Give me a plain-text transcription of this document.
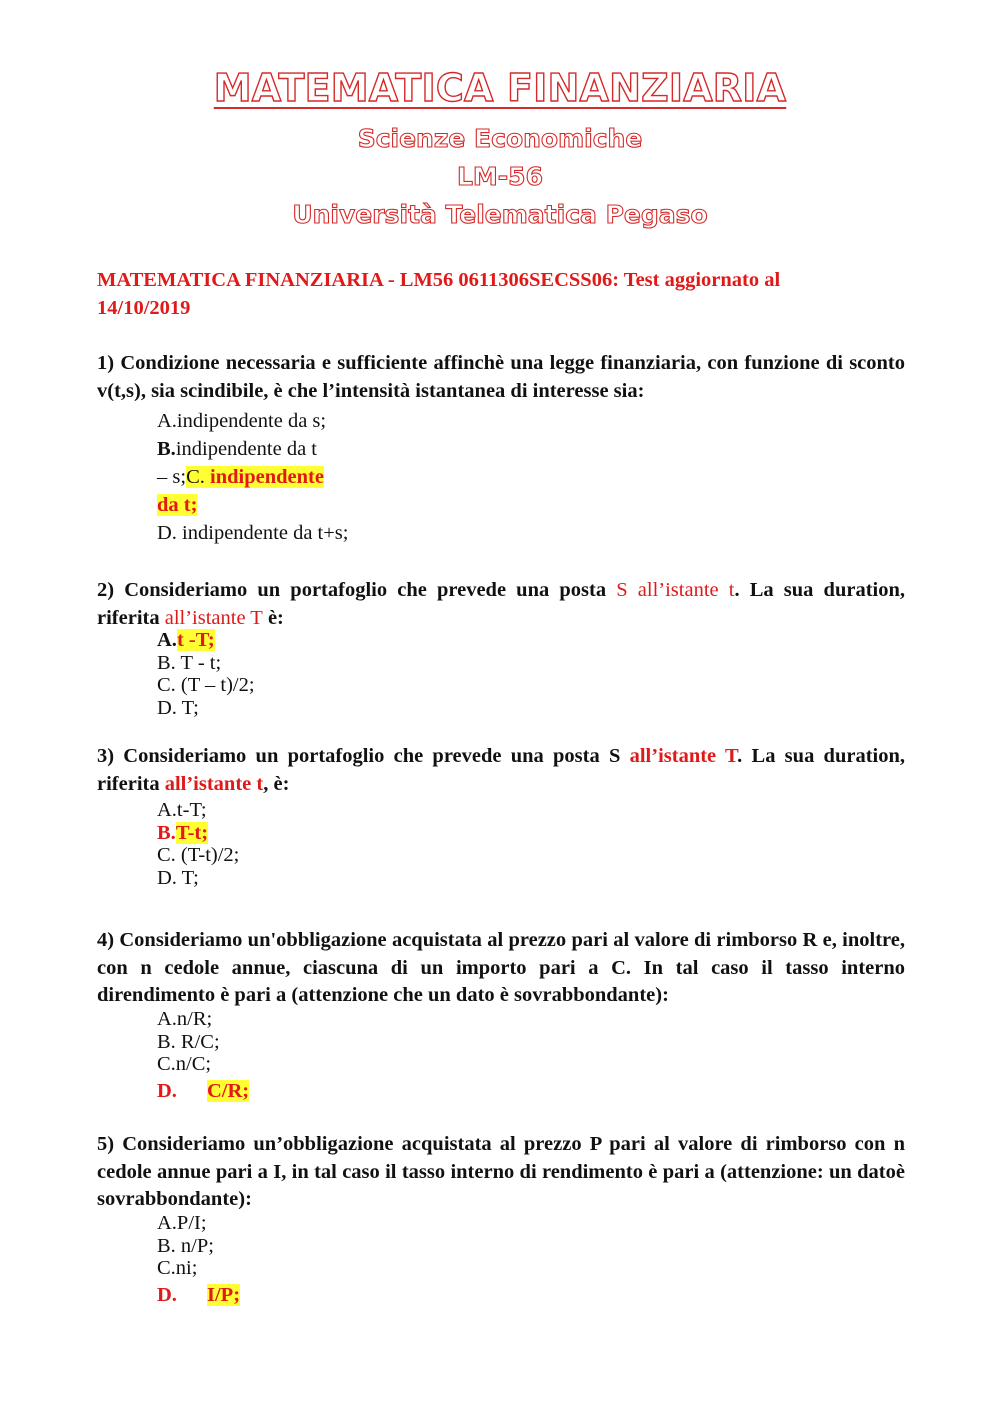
MATEMATICA FINANZIARIA
Scienze Economiche
LM-56
Università Telematica Pegaso
MATEMATICA FINANZIARIA - LM56 0611306SECSS06: Test aggiornato al
14/10/2019
1) Condizione necessaria e sufficiente affinchè una legge finanziaria, con funzione di sconto v(t,s), sia scindibile, è che l’intensità istantanea di interesse sia:
A.indipendente da s;
B.indipendente da t
– s;C. indipendente
da t;
D. indipendente da t+s;
2) Consideriamo un portafoglio che prevede una posta S all’istante t. La sua duration, riferita all’istante T è:
A.t -T;
B. T - t;
C. (T – t)/2;
D. T;
3) Consideriamo un portafoglio che prevede una posta S all’istante T. La sua duration, riferita all’istante t, è:
A.t-T;
B.T-t;
C. (T-t)/2;
D. T;
4) Consideriamo un'obbligazione acquistata al prezzo pari al valore di rimborso R e, inoltre, con n cedole annue, ciascuna di un importo pari a C. In tal caso il tasso interno direndimento è pari a (attenzione che un dato è sovrabbondante):
A.n/R;
B. R/C;
C.n/C;
D. C/R;
5) Consideriamo un’obbligazione acquistata al prezzo P pari al valore di rimborso con n cedole annue pari a I, in tal caso il tasso interno di rendimento è pari a (attenzione: un datoè sovrabbondante):
A.P/I;
B. n/P;
C.ni;
D. I/P;
